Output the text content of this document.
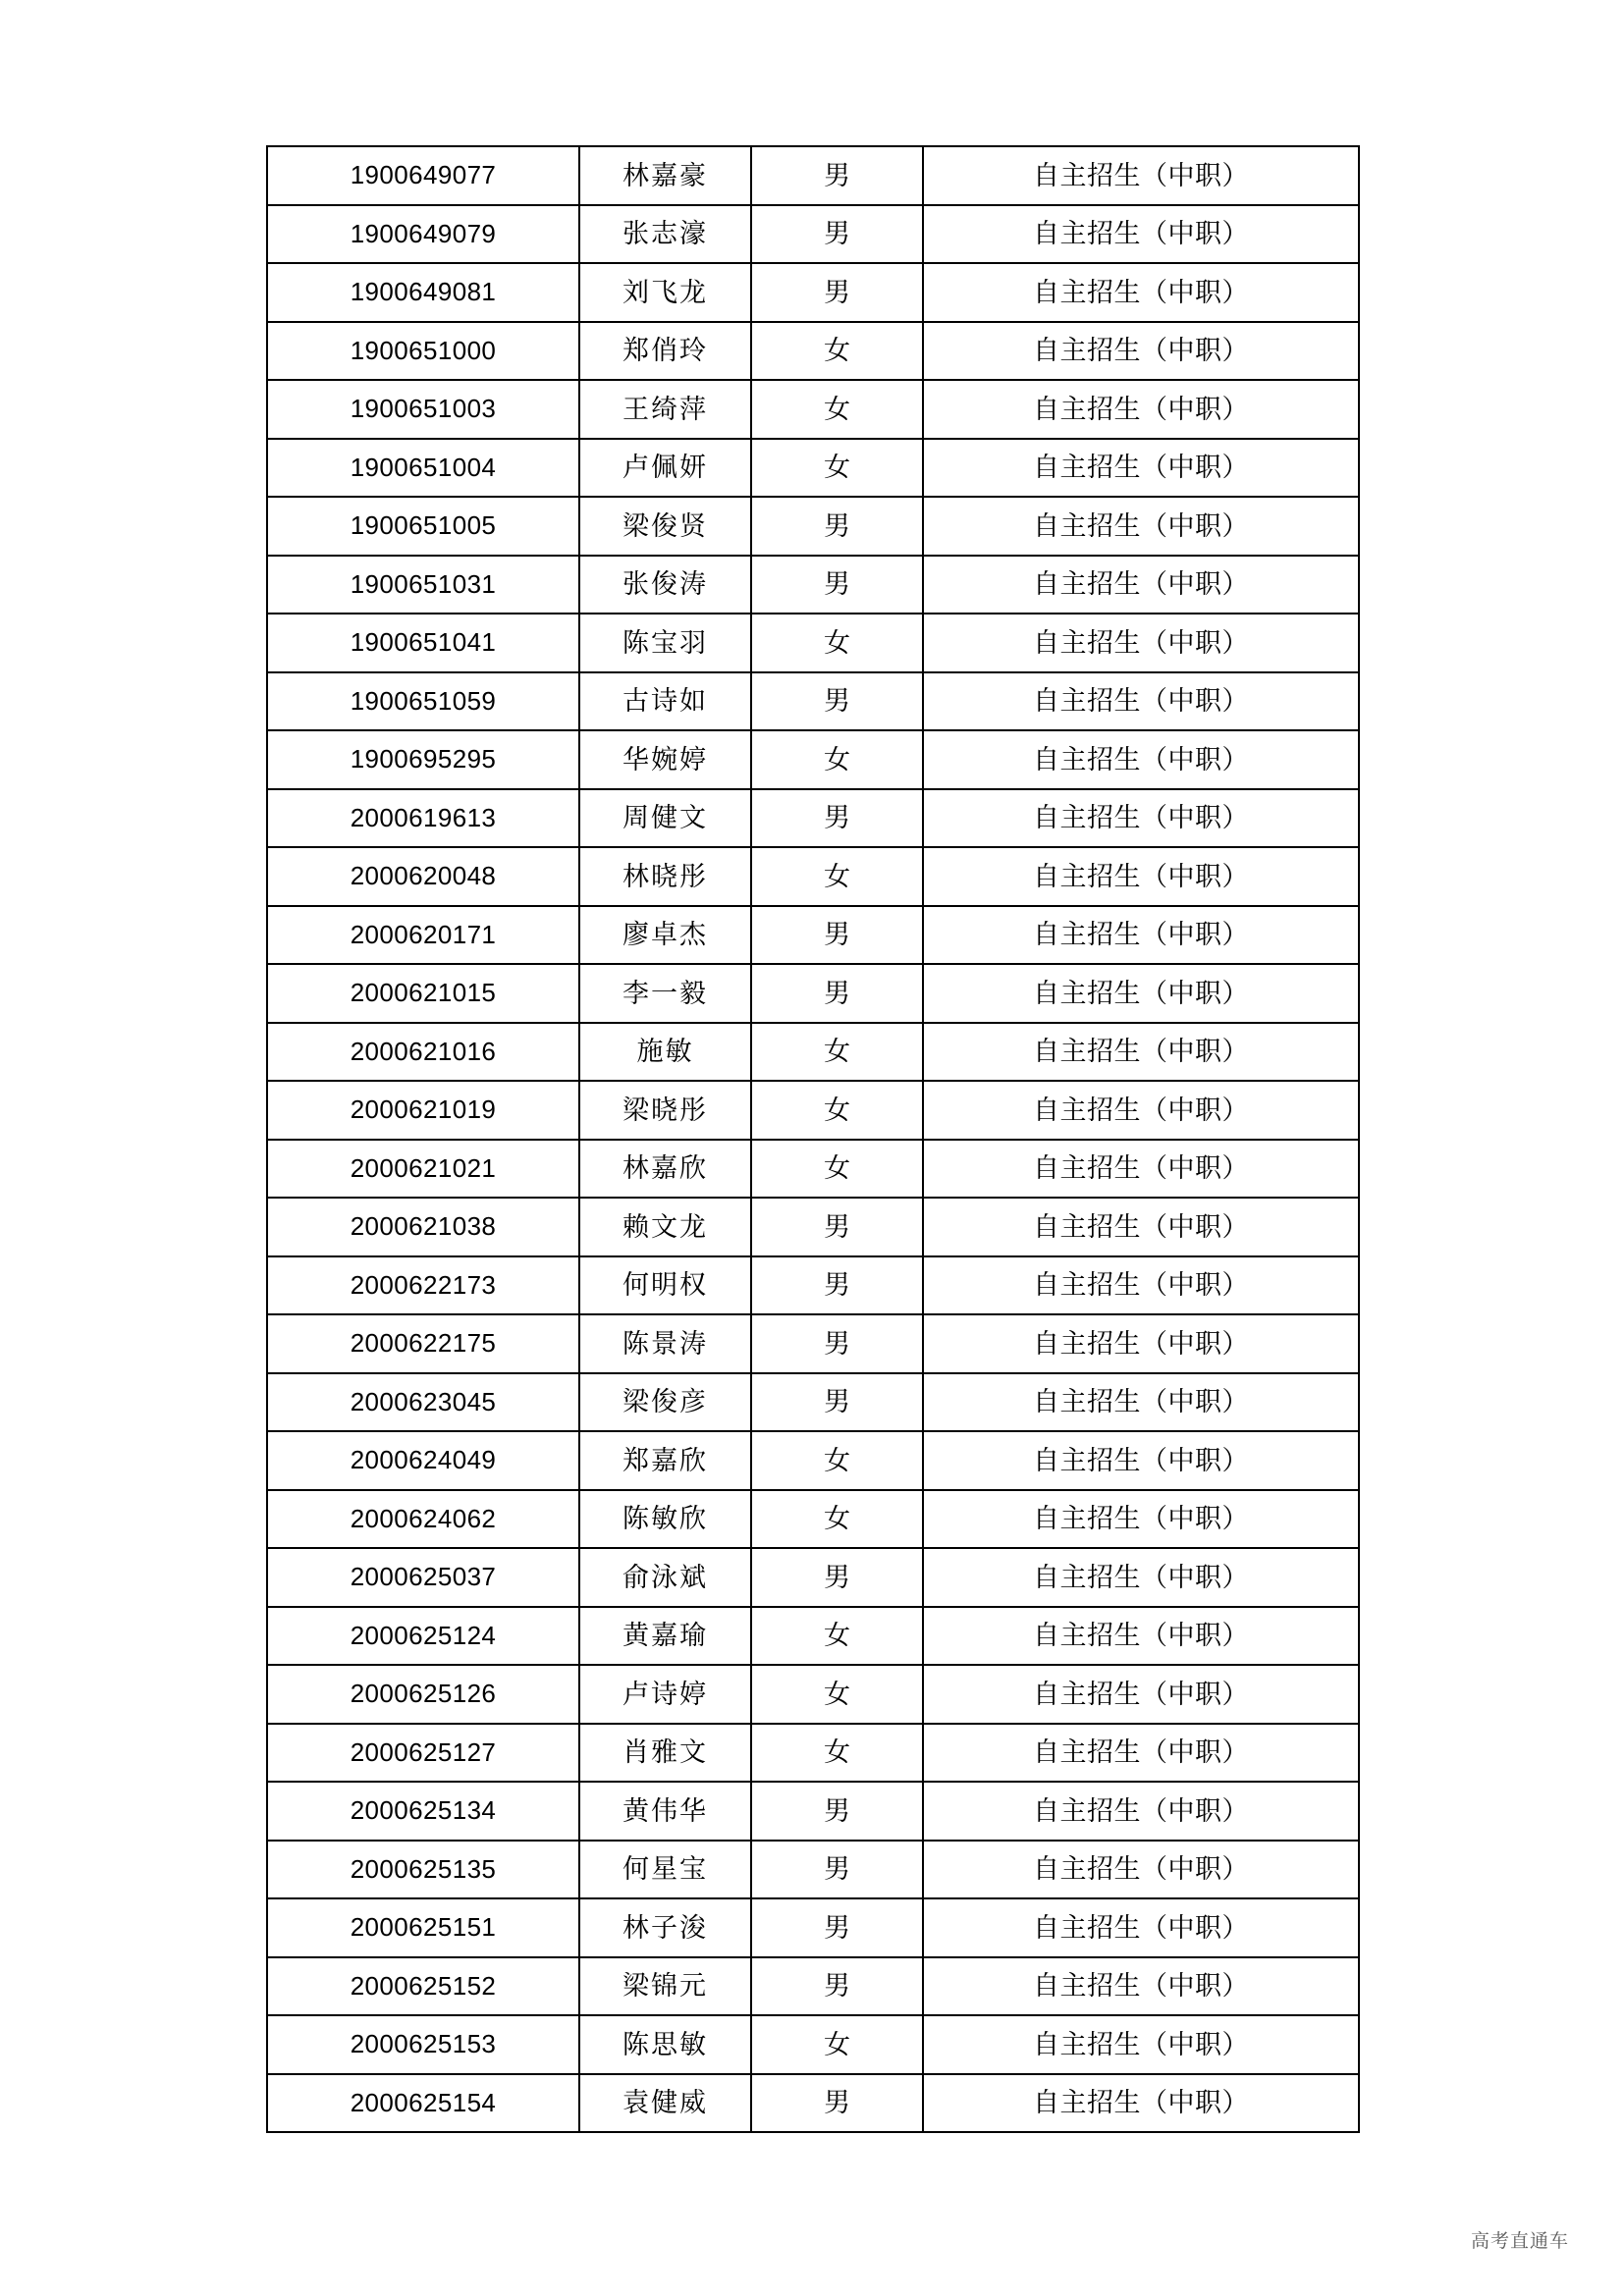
1900649077	林嘉豪	男	自主招生（中职）
1900649079	张志濠	男	自主招生（中职）
1900649081	刘飞龙	男	自主招生（中职）
1900651000	郑俏玲	女	自主招生（中职）
1900651003	王绮萍	女	自主招生（中职）
1900651004	卢佩妍	女	自主招生（中职）
1900651005	梁俊贤	男	自主招生（中职）
1900651031	张俊涛	男	自主招生（中职）
1900651041	陈宝羽	女	自主招生（中职）
1900651059	古诗如	男	自主招生（中职）
1900695295	华婉婷	女	自主招生（中职）
2000619613	周健文	男	自主招生（中职）
2000620048	林晓彤	女	自主招生（中职）
2000620171	廖卓杰	男	自主招生（中职）
2000621015	李一毅	男	自主招生（中职）
2000621016	施敏	女	自主招生（中职）
2000621019	梁晓彤	女	自主招生（中职）
2000621021	林嘉欣	女	自主招生（中职）
2000621038	赖文龙	男	自主招生（中职）
2000622173	何明权	男	自主招生（中职）
2000622175	陈景涛	男	自主招生（中职）
2000623045	梁俊彦	男	自主招生（中职）
2000624049	郑嘉欣	女	自主招生（中职）
2000624062	陈敏欣	女	自主招生（中职）
2000625037	俞泳斌	男	自主招生（中职）
2000625124	黄嘉瑜	女	自主招生（中职）
2000625126	卢诗婷	女	自主招生（中职）
2000625127	肖雅文	女	自主招生（中职）
2000625134	黄伟华	男	自主招生（中职）
2000625135	何星宝	男	自主招生（中职）
2000625151	林子浚	男	自主招生（中职）
2000625152	梁锦元	男	自主招生（中职）
2000625153	陈思敏	女	自主招生（中职）
2000625154	袁健威	男	自主招生（中职）
高考直通车
